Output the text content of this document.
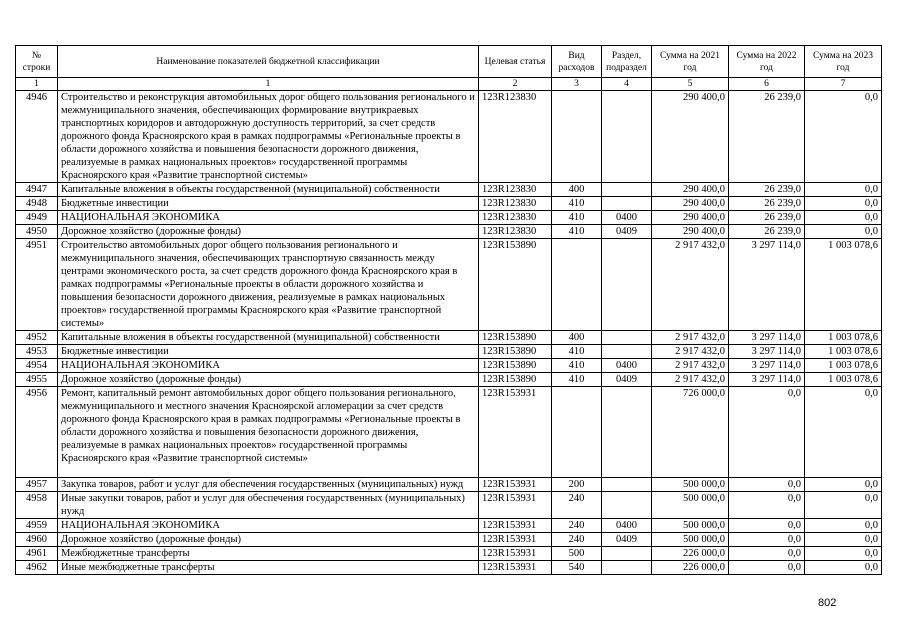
№ строки	Наименование показателей бюджетной классификации	Целевая статья	Вид расходов	Раздел, подраздел	Сумма на 2021 год	Сумма на 2022 год	Сумма на 2023 год
1	1	2	3	4	5	6	7
4946	Строительство и реконструкция автомобильных дорог общего пользования регионального и межмуниципального значения, обеспечивающих формирование внутрикраевых транспортных коридоров и автодорожную доступность территорий, за счет средств дорожного фонда Красноярского края в рамках подпрограммы «Региональные проекты в области дорожного хозяйства и повышения безопасности дорожного движения, реализуемые в рамках национальных проектов» государственной программы Красноярского края «Развитие транспортной системы»	123R123830			290 400,0	26 239,0	0,0
4947	Капитальные вложения в объекты государственной (муниципальной) собственности	123R123830	400		290 400,0	26 239,0	0,0
4948	Бюджетные инвестиции	123R123830	410		290 400,0	26 239,0	0,0
4949	НАЦИОНАЛЬНАЯ ЭКОНОМИКА	123R123830	410	0400	290 400,0	26 239,0	0,0
4950	Дорожное хозяйство (дорожные фонды)	123R123830	410	0409	290 400,0	26 239,0	0,0
4951	Строительство автомобильных дорог общего пользования регионального и межмуниципального значения, обеспечивающих транспортную связанность между центрами экономического роста, за счет средств дорожного фонда Красноярского края в рамках подпрограммы «Региональные проекты в области дорожного хозяйства и повышения безопасности дорожного движения, реализуемые в рамках национальных проектов» государственной программы Красноярского края «Развитие транспортной системы»	123R153890			2 917 432,0	3 297 114,0	1 003 078,6
4952	Капитальные вложения в объекты государственной (муниципальной) собственности	123R153890	400		2 917 432,0	3 297 114,0	1 003 078,6
4953	Бюджетные инвестиции	123R153890	410		2 917 432,0	3 297 114,0	1 003 078,6
4954	НАЦИОНАЛЬНАЯ ЭКОНОМИКА	123R153890	410	0400	2 917 432,0	3 297 114,0	1 003 078,6
4955	Дорожное хозяйство (дорожные фонды)	123R153890	410	0409	2 917 432,0	3 297 114,0	1 003 078,6
4956	Ремонт, капитальный ремонт автомобильных дорог общего пользования регионального, межмуниципального и местного значения Красноярской агломерации за счет средств дорожного фонда Красноярского края в рамках подпрограммы «Региональные проекты в области дорожного хозяйства и повышения безопасности дорожного движения, реализуемые в рамках национальных проектов» государственной программы Красноярского края «Развитие транспортной системы»	123R153931			726 000,0	0,0	0,0
4957	Закупка товаров, работ и услуг для обеспечения государственных (муниципальных) нужд	123R153931	200		500 000,0	0,0	0,0
4958	Иные закупки товаров, работ и услуг для обеспечения государственных (муниципальных) нужд	123R153931	240		500 000,0	0,0	0,0
4959	НАЦИОНАЛЬНАЯ ЭКОНОМИКА	123R153931	240	0400	500 000,0	0,0	0,0
4960	Дорожное хозяйство (дорожные фонды)	123R153931	240	0409	500 000,0	0,0	0,0
4961	Межбюджетные трансферты	123R153931	500		226 000,0	0,0	0,0
4962	Иные межбюджетные трансферты	123R153931	540		226 000,0	0,0	0,0
802
